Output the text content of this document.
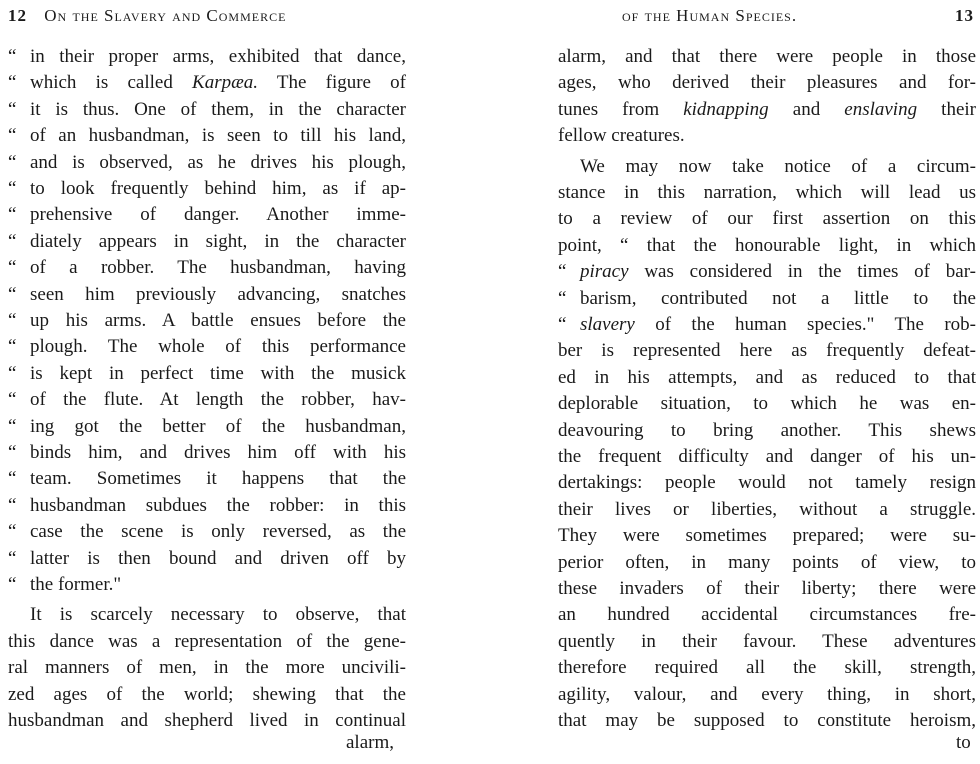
12 On the Slavery and Commerce
“ in their proper arms, exhibited that dance,
“ which is called Karpæa. The figure of
“ it is thus. One of them, in the character
“ of an husbandman, is seen to till his land,
“ and is observed, as he drives his plough,
“ to look frequently behind him, as if ap-
“ prehensive of danger. Another imme-
“ diately appears in sight, in the character
“ of a robber. The husbandman, having
“ seen him previously advancing, snatches
“ up his arms. A battle ensues before the
“ plough. The whole of this performance
“ is kept in perfect time with the musick
“ of the flute. At length the robber, hav-
“ ing got the better of the husbandman,
“ binds him, and drives him off with his
“ team. Sometimes it happens that the
“ husbandman subdues the robber: in this
“ case the scene is only reversed, as the
“ latter is then bound and driven off by
“ the former."
It is scarcely necessary to observe, that
this dance was a representation of the gene-
ral manners of men, in the more uncivili-
zed ages of the world; shewing that the
husbandman and shepherd lived in continual
alarm,
of the Human Species.	13
alarm, and that there were people in those
ages, who derived their pleasures and for-
tunes from kidnapping and enslaving their
fellow creatures.
We may now take notice of a circum-
stance in this narration, which will lead us
to a review of our first assertion on this
point, “ that the honourable light, in which
“ piracy was considered in the times of bar-
“ barism, contributed not a little to the
“ slavery of the human species." The rob-
ber is represented here as frequently defeat-
ed in his attempts, and as reduced to that
deplorable situation, to which he was en-
deavouring to bring another. This shews
the frequent difficulty and danger of his un-
dertakings: people would not tamely resign
their lives or liberties, without a struggle.
They were sometimes prepared; were su-
perior often, in many points of view, to
these invaders of their liberty; there were
an hundred accidental circumstances fre-
quently in their favour. These adventures
therefore required all the skill, strength,
agility, valour, and every thing, in short,
that may be supposed to constitute heroism,
to
